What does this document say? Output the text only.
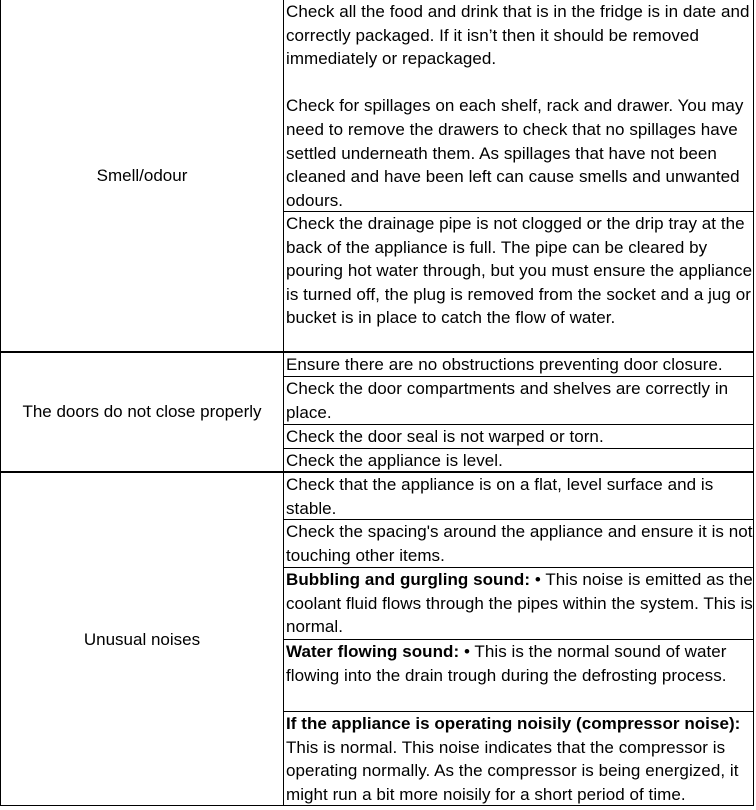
Smell/odour

Check all the food and drink that is in the fridge is in date and correctly packaged. If it isn’t then it should be removed immediately or repackaged.

Check for spillages on each shelf, rack and drawer. You may need to remove the drawers to check that no spillages have settled underneath them. As spillages that have not been cleaned and have been left can cause smells and unwanted odours.

Check the drainage pipe is not clogged or the drip tray at the back of the appliance is full. The pipe can be cleared by pouring hot water through, but you must ensure the appliance is turned off, the plug is removed from the socket and a jug or bucket is in place to catch the flow of water.

The doors do not close properly

Ensure there are no obstructions preventing door closure.

Check the door compartments and shelves are correctly in place.

Check the door seal is not warped or torn.

Check the appliance is level.

Unusual noises

Check that the appliance is on a flat, level surface and is stable.

Check the spacing's around the appliance and ensure it is not touching other items.

Bubbling and gurgling sound: • This noise is emitted as the coolant fluid flows through the pipes within the system. This is normal.

Water flowing sound: • This is the normal sound of water flowing into the drain trough during the defrosting process.

If the appliance is operating noisily (compressor noise):
This is normal. This noise indicates that the compressor is operating normally. As the compressor is being energized, it might run a bit more noisily for a short period of time.
